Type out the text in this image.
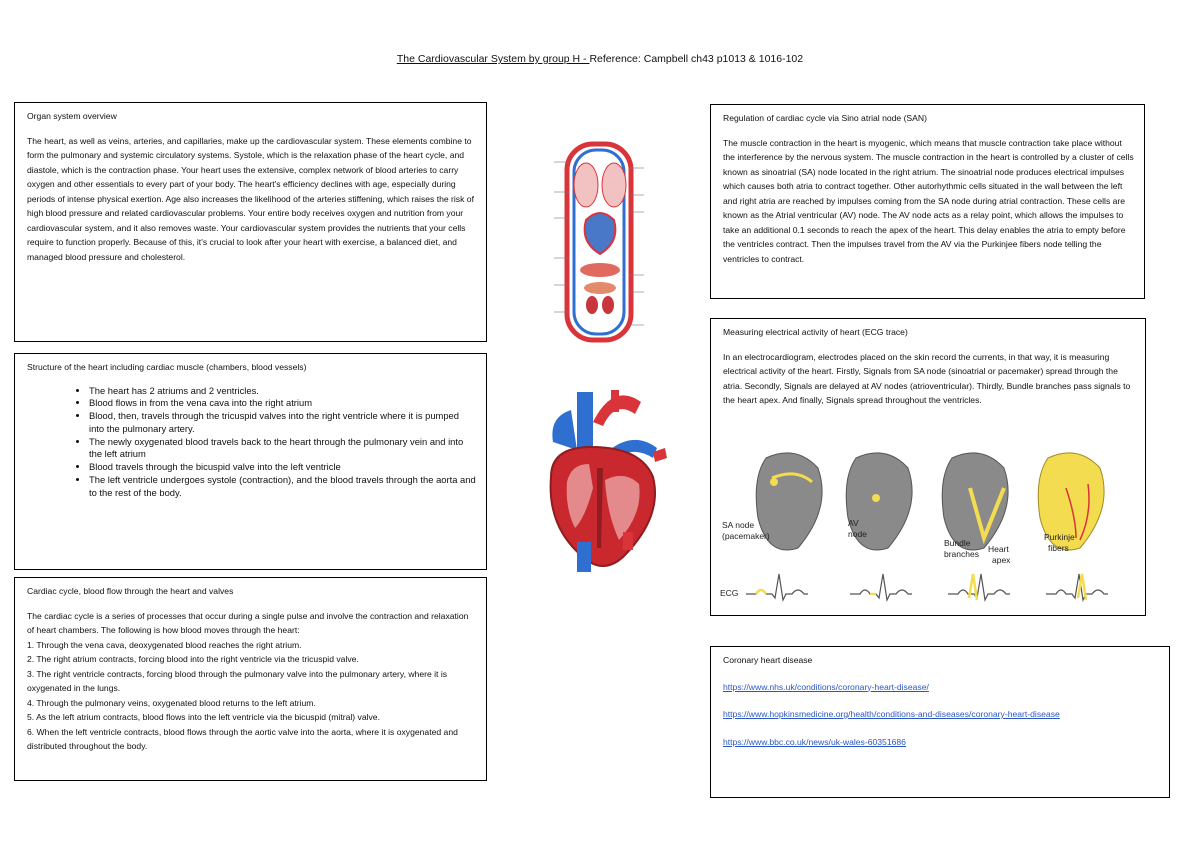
The Cardiovascular System by group H - Reference: Campbell ch43 p1013 & 1016-102
Organ system overview

The heart, as well as veins, arteries, and capillaries, make up the cardiovascular system. These elements combine to form the pulmonary and systemic circulatory systems. Systole, which is the relaxation phase of the heart cycle, and diastole, which is the contraction phase. Your heart uses the extensive, complex network of blood arteries to carry oxygen and other essentials to every part of your body. The heart's efficiency declines with age, especially during periods of intense physical exertion. Age also increases the likelihood of the arteries stiffening, which raises the risk of high blood pressure and related cardiovascular problems. Your entire body receives oxygen and nutrition from your cardiovascular system, and it also removes waste. Your cardiovascular system provides the nutrients that your cells require to function properly. Because of this, it's crucial to look after your heart with exercise, a balanced diet, and managed blood pressure and cholesterol.

Structure of the heart including cardiac muscle (chambers, blood vessels)
• The heart has 2 atriums and 2 ventricles.
• Blood flows in from the vena cava into the right atrium
• Blood, then, travels through the tricuspid valves into the right ventricle where it is pumped into the pulmonary artery.
• The newly oxygenated blood travels back to the heart through the pulmonary vein and into the left atrium
• Blood travels through the bicuspid valve into the left ventricle
• The left ventricle undergoes systole (contraction), and the blood travels through the aorta and to the rest of the body.
Cardiac cycle, blood flow through the heart and valves

The cardiac cycle is a series of processes that occur during a single pulse and involve the contraction and relaxation of heart chambers. The following is how blood moves through the heart:

1. Through the vena cava, deoxygenated blood reaches the right atrium.
2. The right atrium contracts, forcing blood into the right ventricle via the tricuspid valve.
3. The right ventricle contracts, forcing blood through the pulmonary valve into the pulmonary artery, where it is oxygenated in the lungs.
4. Through the pulmonary veins, oxygenated blood returns to the left atrium.
5. As the left atrium contracts, blood flows into the left ventricle via the bicuspid (mitral) valve.
6. When the left ventricle contracts, blood flows through the aortic valve into the aorta, where it is oxygenated and distributed throughout the body.
Regulation of cardiac cycle via Sino atrial node (SAN)

The muscle contraction in the heart is myogenic, which means that muscle contraction take place without the interference by the nervous system. The muscle contraction in the heart is controlled by a cluster of cells known as sinoatrial (SA) node located in the right atrium. The sinoatrial node produces electrical impulses which causes both atria to contract together. Other autorhythmic cells situated in the wall between the left and right atria are reached by impulses coming from the SA node during atrial contraction. These cells are known as the Atrial ventricular (AV) node. The AV node acts as a relay point, which allows the impulses to take an additional 0.1 seconds to reach the apex of the heart. This delay enables the atria to empty before the ventricles contract. Then the impulses travel from the AV via the Purkinjee fibers node telling the ventricles to contract.

Measuring electrical activity of heart (ECG trace)

In an electrocardiogram, electrodes placed on the skin record the currents, in that way, it is measuring electrical activity of the heart. Firstly, Signals from SA node (sinoatrial or pacemaker) spread through the atria. Secondly, Signals are delayed at AV nodes (atrioventricular). Thirdly, Bundle branches pass signals to the heart apex. And finally, Signals spread throughout the ventricles.

Coronary heart disease
https://www.nhs.uk/conditions/coronary-heart-disease/
https://www.hopkinsmedicine.org/health/conditions-and-diseases/coronary-heart-disease
https://www.bbc.co.uk/news/uk-wales-60351686
SA node
(pacemaker)
AV
node
Bundle
branches Heart
apex
Purkinje
fibers
ECG
